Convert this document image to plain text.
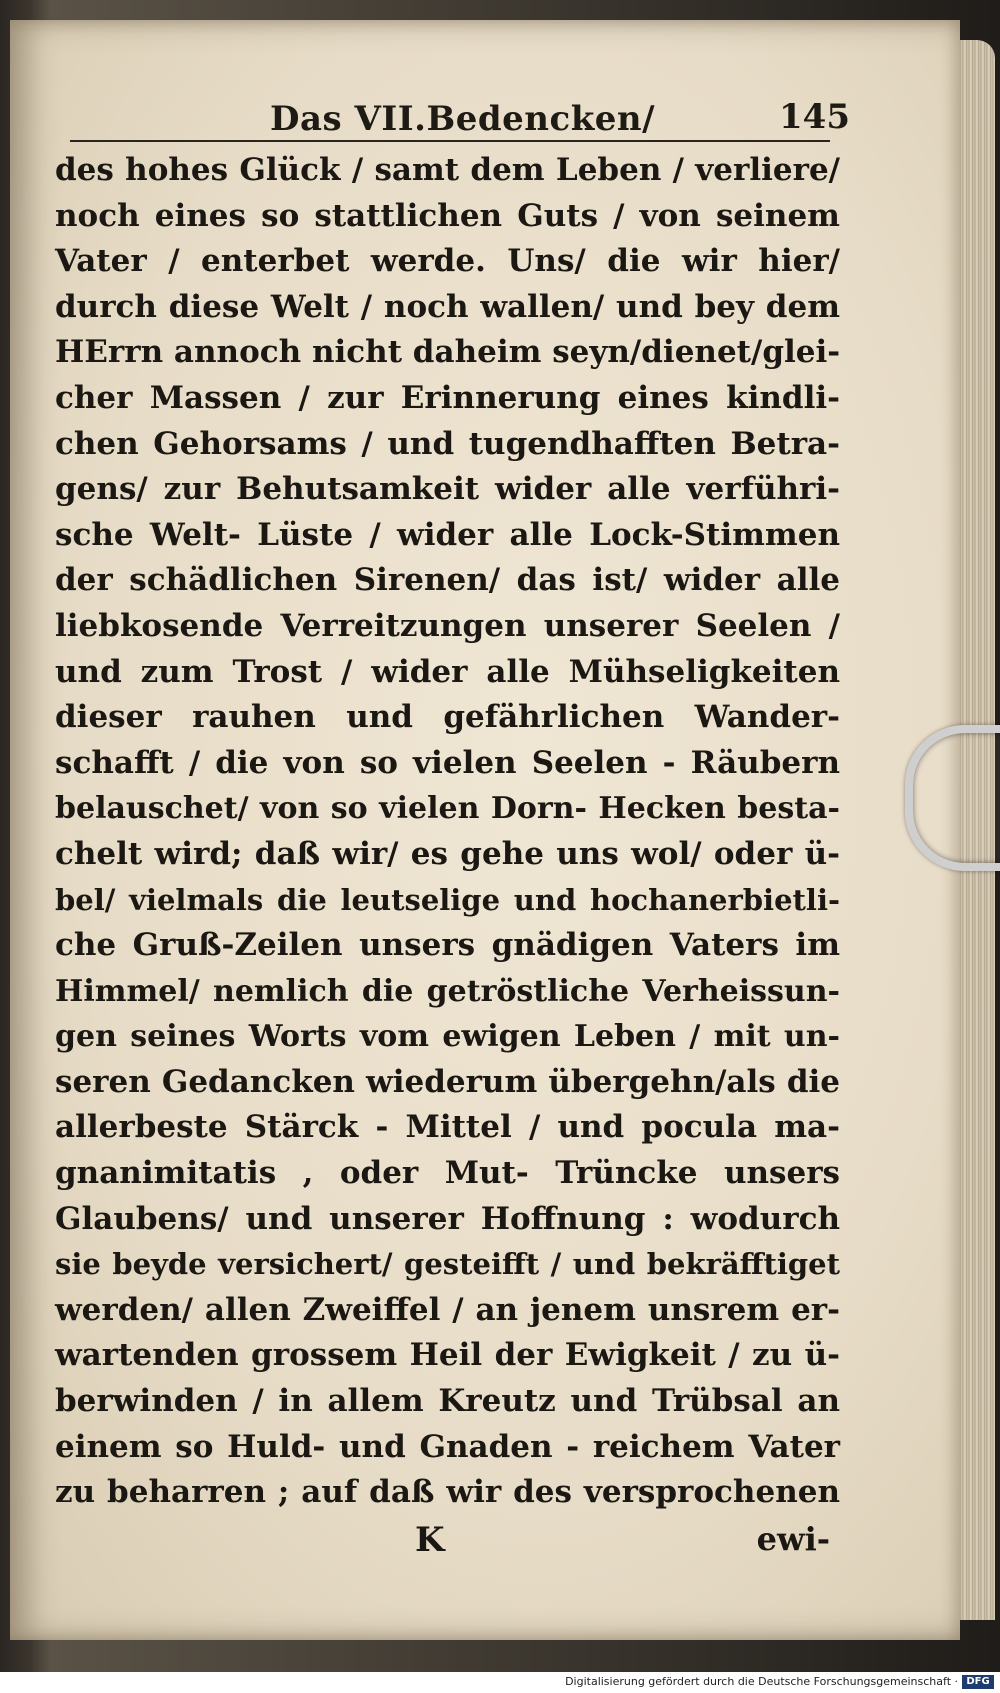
Das VII.Bedencken/	145
des hohes Glück / samt dem Leben / verliere/
noch eines so stattlichen Guts / von seinem
Vater / enterbet werde. Uns/ die wir hier/
durch diese Welt / noch wallen/ und bey dem
HErrn annoch nicht daheim seyn/dienet/glei-
cher Massen / zur Erinnerung eines kindli-
chen Gehorsams / und tugendhafften Betra-
gens/ zur Behutsamkeit wider alle verführi-
sche Welt- Lüste / wider alle Lock-Stimmen
der schädlichen Sirenen/ das ist/ wider alle
liebkosende Verreitzungen unserer Seelen /
und zum Trost / wider alle Mühseligkeiten
dieser rauhen und gefährlichen Wander-
schafft / die von so vielen Seelen - Räubern
belauschet/ von so vielen Dorn- Hecken besta-
chelt wird; daß wir/ es gehe uns wol/ oder ü-
bel/ vielmals die leutselige und hochanerbietli-
che Gruß-Zeilen unsers gnädigen Vaters im
Himmel/ nemlich die getröstliche Verheissun-
gen seines Worts vom ewigen Leben / mit un-
seren Gedancken wiederum übergehn/als die
allerbeste Stärck - Mittel / und pocula ma-
gnanimitatis , oder Mut- Trüncke unsers
Glaubens/ und unserer Hoffnung : wodurch
sie beyde versichert/ gesteifft / und bekräfftiget
werden/ allen Zweiffel / an jenem unsrem er-
wartenden grossem Heil der Ewigkeit / zu ü-
berwinden / in allem Kreutz und Trübsal an
einem so Huld- und Gnaden - reichem Vater
zu beharren ; auf daß wir des versprochenen
K	ewi-
Digitalisierung gefördert durch die Deutsche Forschungsgemeinschaft · DFG
